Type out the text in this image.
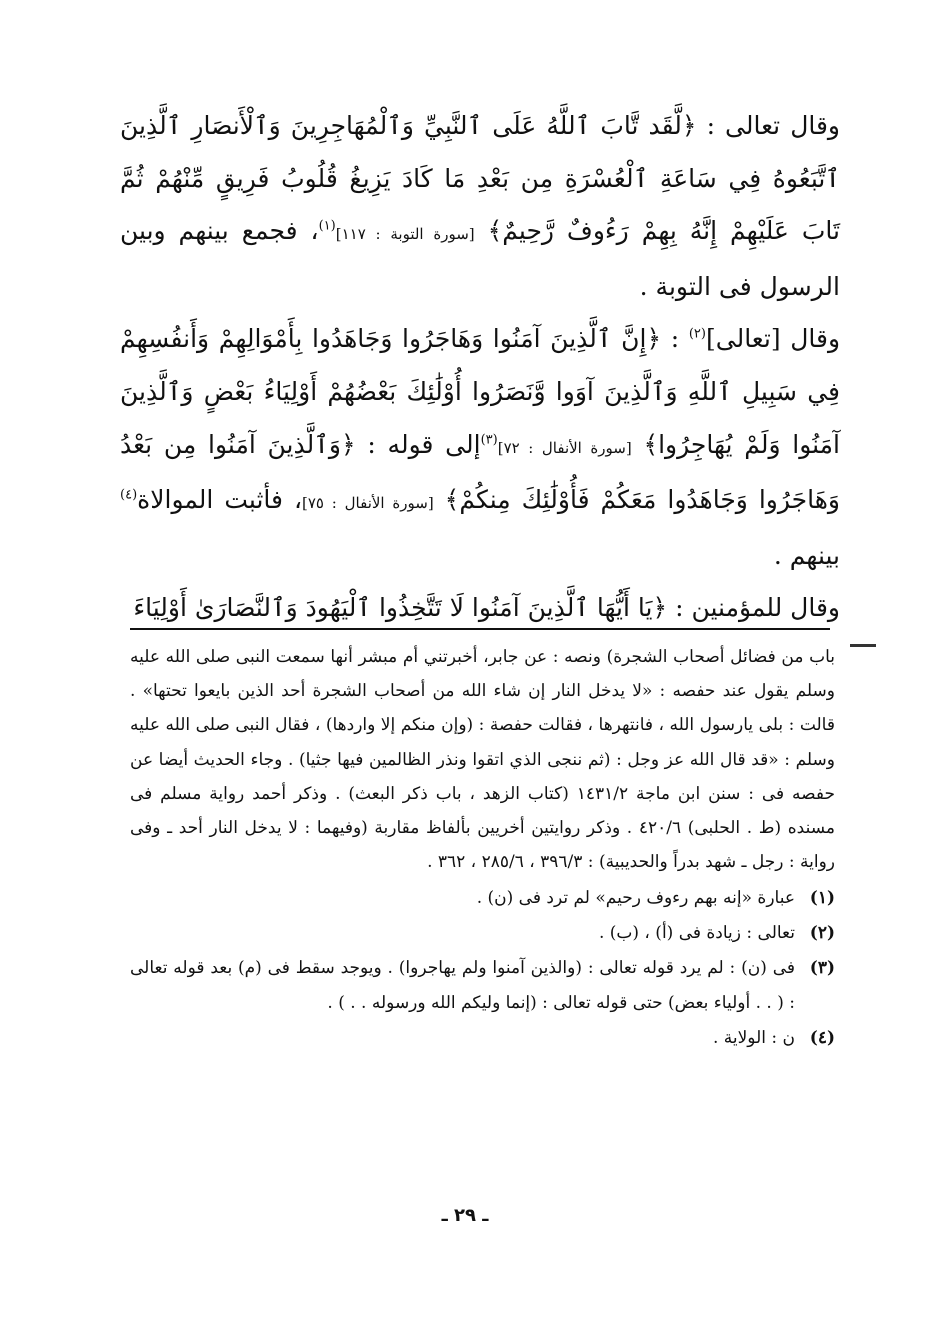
وقال تعالى : ﴿لَّقَد تَّابَ ٱللَّهُ عَلَى ٱلنَّبِيِّ وَٱلْمُهَاجِرِينَ وَٱلْأَنصَارِ ٱلَّذِينَ ٱتَّبَعُوهُ فِي سَاعَةِ ٱلْعُسْرَةِ مِن بَعْدِ مَا كَادَ يَزِيغُ قُلُوبُ فَرِيقٍ مِّنْهُمْ ثُمَّ تَابَ عَلَيْهِمْ إِنَّهُ بِهِمْ رَءُوفٌ رَّحِيمٌ﴾ [سورة التوبة : ١١٧]$^{(١)}$، فجمع بينهم وبين الرسول فى التوبة .

وقال [تعالى]$^{(٢)}$ : ﴿إِنَّ ٱلَّذِينَ آمَنُوا وَهَاجَرُوا وَجَاهَدُوا بِأَمْوَالِهِمْ وَأَنفُسِهِمْ فِي سَبِيلِ ٱللَّهِ وَٱلَّذِينَ آوَوا وَّنَصَرُوا أُوْلَٰئِكَ بَعْضُهُمْ أَوْلِيَاءُ بَعْضٍ وَٱلَّذِينَ آمَنُوا وَلَمْ يُهَاجِرُوا﴾ [سورة الأنفال : ٧٢]$^{(٣)}$إلى قوله : ﴿وَٱلَّذِينَ آمَنُوا مِن بَعْدُ وَهَاجَرُوا وَجَاهَدُوا مَعَكُمْ فَأُوْلَٰئِكَ مِنكُمْ﴾ [سورة الأنفال : ٧٥]، فأثبت الموالاة$^{(٤)}$ بينهم .

وقال للمؤمنين : ﴿يَا أَيُّهَا ٱلَّذِينَ آمَنُوا لَا تَتَّخِذُوا ٱلْيَهُودَ وَٱلنَّصَارَىٰ أَوْلِيَاءَ

باب من فضائل أصحاب الشجرة) ونصه : عن جابر، أخبرتني أم مبشر أنها سمعت النبى صلى الله عليه وسلم يقول عند حفصه : «لا يدخل النار إن شاء الله من أصحاب الشجرة أحد الذين بايعوا تحتها» . قالت : بلى يارسول الله ، فانتهرها ، فقالت حفصة : (وإن منكم إلا واردها) ، فقال النبى صلى الله عليه وسلم : «قد قال الله عز وجل : (ثم ننجى الذي اتقوا ونذر الظالمين فيها جثيا) . وجاء الحديث أيضا عن حفصه فى : سنن ابن ماجة ١٤٣١/٢ (كتاب الزهد ، باب ذكر البعث) . وذكر أحمد رواية مسلم فى مسنده (ط . الحلبى) ٤٢٠/٦ . وذكر روايتين أخريين بألفاظ مقاربة (وفيهما : لا يدخل النار أحد ـ وفى رواية : رجل ـ شهد بدراً والحديبية) : ٣٩٦/٣ ، ٢٨٥/٦ ، ٣٦٢ .

(١)
عبارة «إنه بهم رءوف رحيم» لم ترد فى (ن) .
(٢)
تعالى : زيادة فى (أ) ، (ب) .
(٣)
فى (ن) : لم يرد قوله تعالى : (والذين آمنوا ولم يهاجروا) . ويوجد سقط فى (م) بعد قوله تعالى : ( . . أولياء بعض) حتى قوله تعالى : (إنما وليكم الله ورسوله . . ) .
(٤)
ن : الولاية .
ـ ٢٩ ـ
